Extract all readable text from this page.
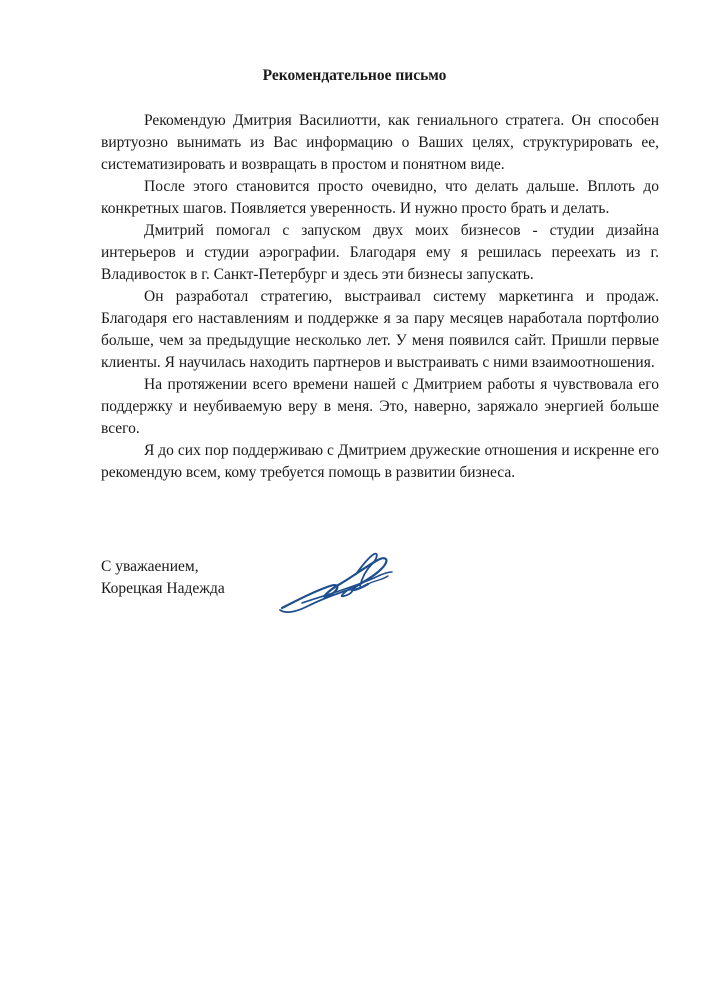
Рекомендательное письмо

Рекомендую Дмитрия Василиотти, как гениального стратега. Он способен виртуозно вынимать из Вас информацию о Ваших целях, структурировать ее, систематизировать и возвращать в простом и понятном виде.

После этого становится просто очевидно, что делать дальше. Вплоть до конкретных шагов. Появляется уверенность. И нужно просто брать и делать.

Дмитрий помогал с запуском двух моих бизнесов - студии дизайна интерьеров и студии аэрографии. Благодаря ему я решилась переехать из г. Владивосток в г. Санкт-Петербург и здесь эти бизнесы запускать.

Он разработал стратегию, выстраивал систему маркетинга и продаж. Благодаря его наставлениям и поддержке я за пару месяцев наработала портфолио больше, чем за предыдущие несколько лет. У меня появился сайт. Пришли первые клиенты. Я научилась находить партнеров и выстраивать с ними взаимоотношения.

На протяжении всего времени нашей с Дмитрием работы я чувствовала его поддержку и неубиваемую веру в меня. Это, наверно, заряжало энергией больше всего.

Я до сих пор поддерживаю с Дмитрием дружеские отношения и искренне его рекомендую всем, кому требуется помощь в развитии бизнеса.

С уважаением,
Корецкая Надежда
